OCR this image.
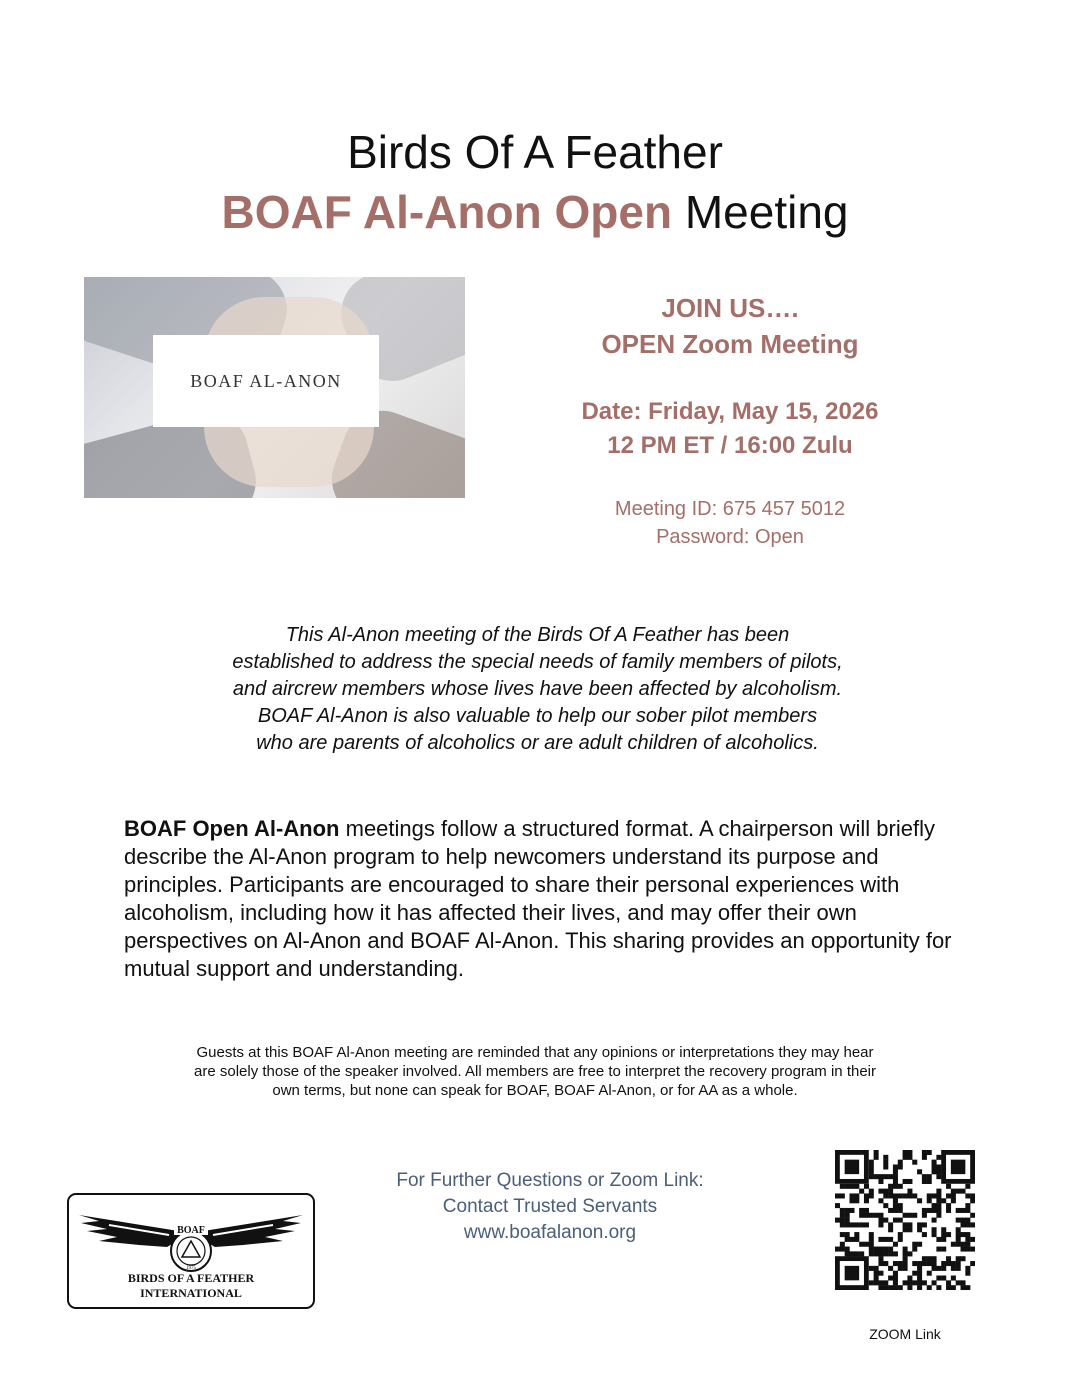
Birds Of A Feather
BOAF Al-Anon Open Meeting
BOAF AL-ANON
JOIN US….
OPEN Zoom Meeting
Date: Friday, May 15, 2026
12 PM ET / 16:00 Zulu
Meeting ID: 675 457 5012
Password: Open
This Al-Anon meeting of the Birds Of A Feather has been
established to address the special needs of family members of pilots,
and aircrew members whose lives have been affected by alcoholism.
BOAF Al-Anon is also valuable to help our sober pilot members
who are parents of alcoholics or are adult children of alcoholics.
BOAF Open Al-Anon meetings follow a structured format. A chairperson will briefly describe the Al-Anon program to help newcomers understand its purpose and principles. Participants are encouraged to share their personal experiences with alcoholism, including how it has affected their lives, and may offer their own perspectives on Al-Anon and BOAF Al-Anon. This sharing provides an opportunity for mutual support and understanding.
Guests at this BOAF Al-Anon meeting are reminded that any opinions or interpretations they may hear
are solely those of the speaker involved. All members are free to interpret the recovery program in their
own terms, but none can speak for BOAF, BOAF Al-Anon, or for AA as a whole.
For Further Questions or Zoom Link:
Contact Trusted Servants
www.boafalanon.org
BOAF
1975
BIRDS OF A FEATHER
INTERNATIONAL
ZOOM Link
